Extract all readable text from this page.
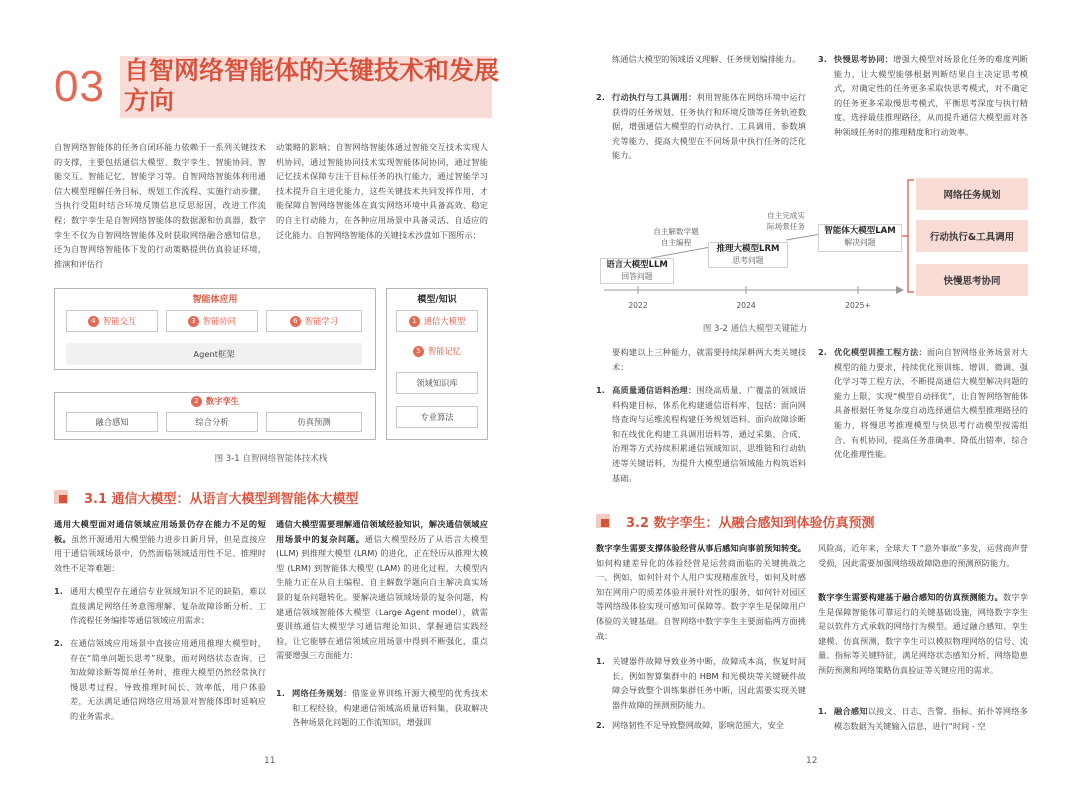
03 自智网络智能体的关键技术和发展方向
自智网络智能体的任务自闭环能力依赖于一系列关键技术的支撑，主要包括通信大模型、数字孪生、智能协同、智能交互、智能记忆、智能学习等。自智网络智能体利用通信大模型理解任务目标、规划工作流程、实施行动步骤，当执行受阻时结合环境反馈信息反思原因，改进工作流程；数字孪生是自智网络智能体的数据源和仿真器，数字孪生不仅为自智网络智能体及时获取网络融合感知信息，还为自智网络智能体下发的行动策略提供仿真验证环境，推演和评估行
动策略的影响；自智网络智能体通过智能交互技术实现人机协同，通过智能协同技术实现智能体间协同，通过智能记忆技术保障专注于目标任务的执行能力，通过智能学习技术提升自主进化能力，这些关键技术共同发挥作用，才能保障自智网络智能体在真实网络环境中具备高效、稳定的自主行动能力，在各种应用场景中具备灵活、自适应的泛化能力。自智网络智能体的关键技术沙盘如下图所示：
智能体应用
4 智能交互	3 智能协同	6 智能学习
Agent框架
2 数字孪生
融合感知	综合分析	仿真预测
模型/知识
1 通信大模型
5 智能记忆
领域知识库
专业算法
图 3-1 自智网络智能体技术栈
3.1 通信大模型：从语言大模型到智能体大模型
通用大模型面对通信领域应用场景仍存在能力不足的短板。虽然开源通用大模型能力进步日新月异，但是直接应用于通信领域场景中，仍然面临领域适用性不足、推理时效性不足等难题：
1. 通用大模型存在通信专业领域知识不足的缺陷，难以直接满足网络任务意图理解、复杂故障诊断分析、工作流程任务编排等通信领域应用需求；
2. 在通信领域应用场景中直接应用通用推理大模型时，存在“简单问题长思考”现象，面对网络状态查询、已知故障诊断等简单任务时，推理大模型仍然经常执行慢思考过程，导致推理时间长、效率低，用户体验差，无法满足通信网络应用场景对智能体即时延响应的业务需求。
通信大模型需要理解通信领域经验知识，解决通信领域应用场景中的复杂问题。通信大模型经历了从语言大模型 (LLM) 到推理大模型 (LRM) 的进化，正在经历从推理大模型 (LRM) 到智能体大模型 (LAM) 的进化过程，大模型内生能力正在从自主编程、自主解数学题向自主解决真实场景的复杂问题转化。要解决通信领域场景的复杂问题，构建通信领域智能体大模型（Large Agent model），就需要训练通信大模型学习通信理论知识、掌握通信实践经验，让它能够在通信领域应用场景中得到不断强化，重点需要增强三方面能力：
1. 网络任务规划：借鉴业界训练开源大模型的优秀技术和工程经验，构建通信领域高质量语料集，获取解决各种场景化问题的工作流知识，增强训
11
练通信大模型的领域语义理解、任务规划编排能力。
2. 行动执行与工具调用：利用智能体在网络环境中运行获得的任务规划、任务执行和环境反馈等任务轨迹数据，增强通信大模型的行动执行、工具调用、参数填充等能力，提高大模型在不同场景中执行任务的泛化能力。
3. 快慢思考协同：增强大模型对场景化任务的难度判断能力，让大模型能够根据判断结果自主决定思考模式，对确定性的任务更多采取快思考模式，对不确定的任务更多采取慢思考模式，平衡思考深度与执行精度，选择最佳推理路径，从而提升通信大模型面对各种领域任务时的推理精度和行动效率。
自主解数学题
自主编程
自主完成实
际场景任务
语言大模型LLM
回答问题
推理大模型LRM
思考问题
智能体大模型LAM
解决问题
2022	2024	2025+
网络任务规划
行动执行&工具调用
快慢思考协同
图 3-2 通信大模型关键能力
要构建以上三种能力，就需要持续深耕两大类关键技术：
1. 高质量通信语料治理：围绕高质量、广覆盖的领域语料构建目标，体系化构建通信语料库，包括：面向网络查询与运维流程构建任务规划语料、面向故障诊断和在线优化构建工具调用语料等，通过采集、合成、治理等方式持续积累通信领域知识、思维链和行动轨迹等关键语料，为提升大模型通信领域能力构筑语料基础。
2. 优化模型训推工程方法：面向自智网络业务场景对大模型的能力要求，持续优化预训练、增训、微调、强化学习等工程方法，不断提高通信大模型解决问题的能力上限，实现“模型自动择优”，让自智网络智能体具备根据任务复杂度自动选择通信大模型推理路径的能力，将慢思考推理模型与快思考行动模型按需组合、有机协同，提高任务准确率、降低出错率，综合优化推理性能。
3.2 数字孪生：从融合感知到体验仿真预测
数字孪生需要支撑体验经营从事后感知向事前预知转变。如何构建差异化的体验经营是运营商面临的关键挑战之一。例如，如何针对个人用户实现精准放号，如何及时感知在网用户的质差体验并展针对性的服务，如何针对园区等网络级体验实现可感知可保障等。数字孪生是保障用户体验的关键基础。自智网络中数字孪生主要面临两方面挑战：
1. 关键器件故障导致业务中断，故障成本高，恢复时间长。例如智算集群中的 HBM 和光模块等关键硬件故障会导致整个训练集群任务中断，因此需要实现关键器件故障的预测预防能力。
2. 网络韧性不足导致整网故障，影响范围大，安全
风险高，近年来，全球大 T “意外事故”多发，运营商声誉受损，因此需要加强网络级故障隐患的预测预防能力。
数字孪生需要构建基于融合感知的仿真预测能力。数字孪生是保障智能体可靠运行的关键基础设施，网络数字孪生是以软件方式承载的网络行为模型。通过融合感知、孪生建模、仿真预测，数字孪生可以模拟物理网络的信号、流量、指标等关键特征，满足网络状态感知分析、网络隐患预防预测和网络策略仿真验证等关键应用的需求。
1. 融合感知以接文、日志、告警、指标、拓扑等网络多模态数据为关键输入信息，进行“时间 - 空
12
